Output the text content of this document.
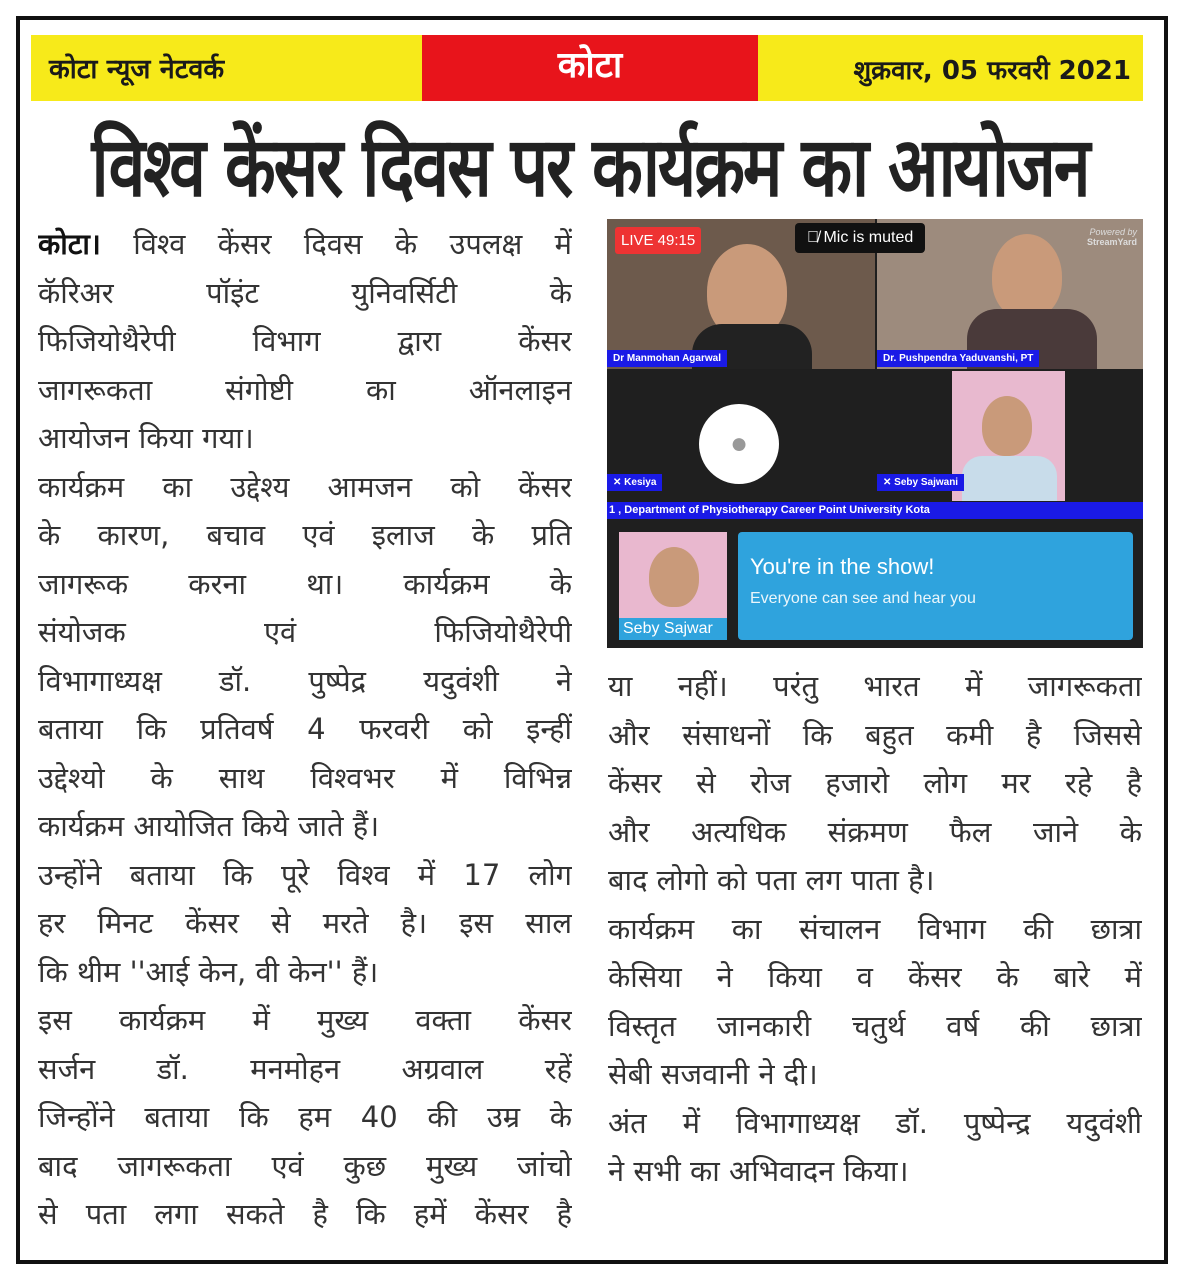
कोटा न्यूज नेटवर्क	कोटा	शुक्रवार, 05 फरवरी 2021
विश्व केंसर दिवस पर कार्यक्रम का आयोजन
कोटा। विश्व केंसर दिवस के उपलक्ष में
कॅरिअर पॉइंट युनिवर्सिटी के
फिजियोथैरेपी विभाग द्वारा केंसर
जागरूकता संगोष्टी का ऑनलाइन
आयोजन किया गया।
कार्यक्रम का उद्देश्य आमजन को केंसर
के कारण, बचाव एवं इलाज के प्रति
जागरूक करना था। कार्यक्रम के
संयोजक एवं फिजियोथैरेपी
विभागाध्यक्ष डॉ. पुष्पेद्र यदुवंशी ने
बताया कि प्रतिवर्ष 4 फरवरी को इन्हीं
उद्देश्यो के साथ विश्वभर में विभिन्न
कार्यक्रम आयोजित किये जाते हैं।
उन्होंने बताया कि पूरे विश्व में 17 लोग
हर मिनट केंसर से मरते है। इस साल
कि थीम ''आई केन, वी केन'' हैं।
इस कार्यक्रम में मुख्य वक्ता केंसर
सर्जन डॉ. मनमोहन अग्रवाल रहें
जिन्होंने बताया कि हम 40 की उम्र के
बाद जागरूकता एवं कुछ मुख्य जांचो
से पता लगा सकते है कि हमें केंसर है
या नहीं। परंतु भारत में जागरूकता
और संसाधनों कि बहुत कमी है जिससे
केंसर से रोज हजारो लोग मर रहे है
और अत्यधिक संक्रमण फैल जाने के
बाद लोगो को पता लग पाता है।
कार्यक्रम का संचालन विभाग की छात्रा
केसिया ने किया व केंसर के बारे में
विस्तृत जानकारी चतुर्थ वर्ष की छात्रा
सेबी सजवानी ने दी।
अंत में विभागाध्यक्ष डॉ. पुष्पेन्द्र यदुवंशी
ने सभी का अभिवादन किया।
Dr Manmohan Agarwal	Dr. Pushpendra Yaduvanshi, PT
LIVE 49:15	🎙̸ Mic is muted	Powered by
StreamYard
●
✕ Kesiya	✕ Seby Sajwani
1 , Department of Physiotherapy Career Point University Kota
Seby Sajwar
You're in the show!
Everyone can see and hear you
